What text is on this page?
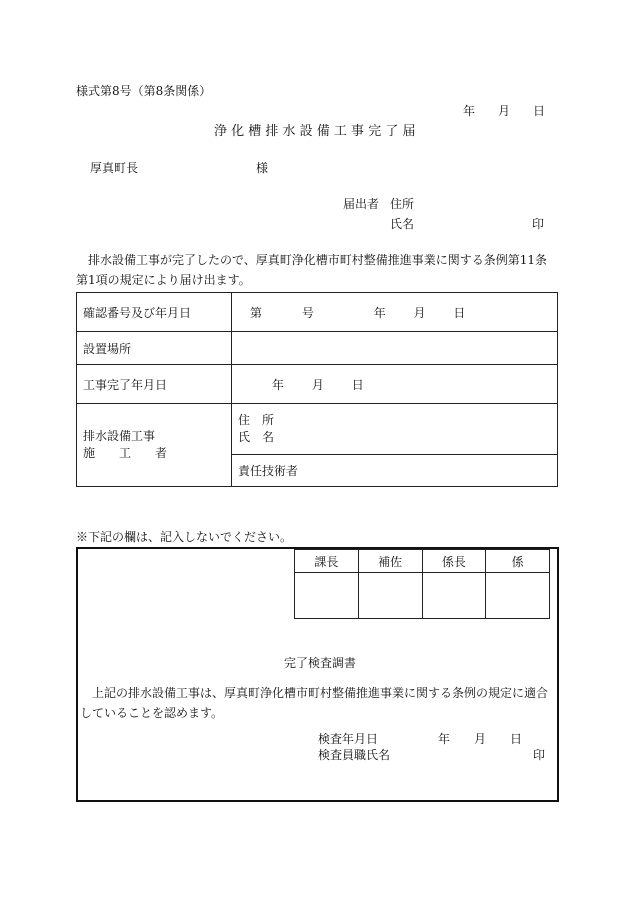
様式第8号（第8条関係）
年 月 日
浄 化 槽 排 水 設 備 工 事 完 了 届
厚真町長	様
届出者 住所
氏名	印
　排水設備工事が完了したので、厚真町浄化槽市町村整備推進事業に関する条例第11条第1項の規定により届け出ます。
確認番号及び年月日	第 号 年 月 日
設置場所	
工事完了年月日	年 月 日

排水設備工事
施　　工　　者	住　所
氏　名

	責任技術者
※下記の欄は、記入しないでください。
課長	補佐	係長	係

完了検査調書
　上記の排水設備工事は、厚真町浄化槽市町村整備推進事業に関する条例の規定に適合していることを認めます。
検査年月日	年 月 日
検査員職氏名	印
